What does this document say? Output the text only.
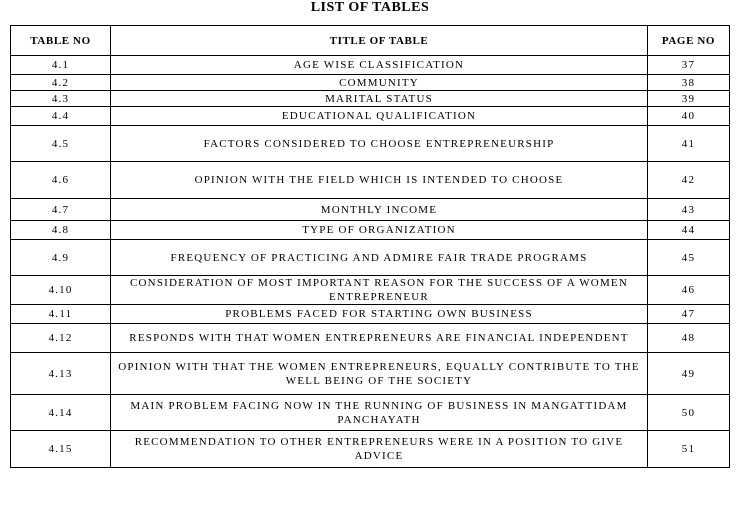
LIST OF TABLES
TABLE NO	TITLE OF TABLE	PAGE NO
4.1	AGE WISE CLASSIFICATION	37
4.2	COMMUNITY	38
4.3	MARITAL STATUS	39
4.4	EDUCATIONAL QUALIFICATION	40
4.5	FACTORS CONSIDERED TO CHOOSE ENTREPRENEURSHIP	41
4.6	OPINION WITH THE FIELD WHICH IS INTENDED TO CHOOSE	42
4.7	MONTHLY INCOME	43
4.8	TYPE OF ORGANIZATION	44
4.9	FREQUENCY OF PRACTICING AND ADMIRE FAIR TRADE PROGRAMS	45
4.10	CONSIDERATION OF MOST IMPORTANT REASON FOR THE SUCCESS OF A WOMEN ENTREPRENEUR	46
4.11	PROBLEMS FACED FOR STARTING OWN BUSINESS	47
4.12	RESPONDS WITH THAT WOMEN ENTREPRENEURS ARE FINANCIAL INDEPENDENT	48
4.13	OPINION WITH THAT THE WOMEN ENTREPRENEURS, EQUALLY CONTRIBUTE TO THE WELL BEING OF THE SOCIETY	49
4.14	MAIN PROBLEM FACING NOW IN THE RUNNING OF BUSINESS IN MANGATTIDAM PANCHAYATH	50
4.15	RECOMMENDATION TO OTHER ENTREPRENEURS WERE IN A POSITION TO GIVE ADVICE	51
